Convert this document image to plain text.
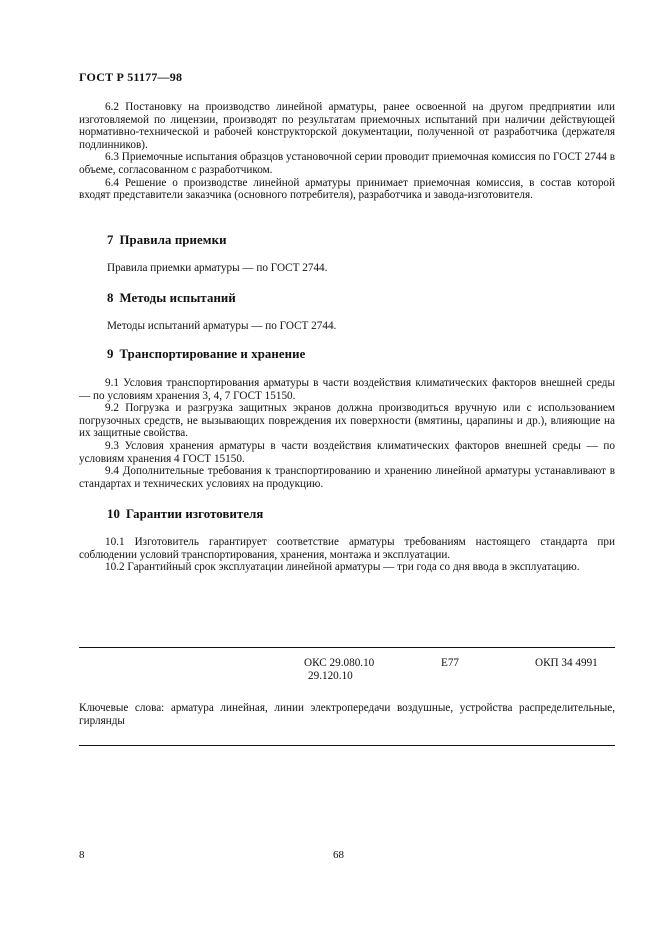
ГОСТ Р 51177—98

6.2 Постановку на производство линейной арматуры, ранее освоенной на другом предприятии или изготовляемой по лицензии, производят по результатам приемочных испытаний при наличии действующей нормативно-технической и рабочей конструкторской документации, полученной от разработчика (держателя подлинников).

6.3 Приемочные испытания образцов установочной серии проводит приемочная комиссия по ГОСТ 2744 в объеме, согласованном с разработчиком.

6.4 Решение о производстве линейной арматуры принимает приемочная комиссия, в состав которой входят представители заказчика (основного потребителя), разработчика и завода-изготовителя.

7 Правила приемки
Правила приемки арматуры — по ГОСТ 2744.
8 Методы испытаний
Методы испытаний арматуры — по ГОСТ 2744.
9 Транспортирование и хранение

9.1 Условия транспортирования арматуры в части воздействия климатических факторов внешней среды — по условиям хранения 3, 4, 7 ГОСТ 15150.

9.2 Погрузка и разгрузка защитных экранов должна производиться вручную или с использованием погрузочных средств, не вызывающих повреждения их поверхности (вмятины, царапины и др.), влияющие на их защитные свойства.

9.3 Условия хранения арматуры в части воздействия климатических факторов внешней среды — по условиям хранения 4 ГОСТ 15150.

9.4 Дополнительные требования к транспортированию и хранению линейной арматуры устанавливают в стандартах и технических условиях на продукцию.

10 Гарантии изготовителя

10.1 Изготовитель гарантирует соответствие арматуры требованиям настоящего стандарта при соблюдении условий транспортирования, хранения, монтажа и эксплуатации.

10.2 Гарантийный срок эксплуатации линейной арматуры — три года со дня ввода в эксплуатацию.

ОКС 29.080.10
29.120.10
Е77	ОКП 34 4991
Ключевые слова: арматура линейная, линии электропередачи воздушные, устройства распределительные, гирлянды
8	68
